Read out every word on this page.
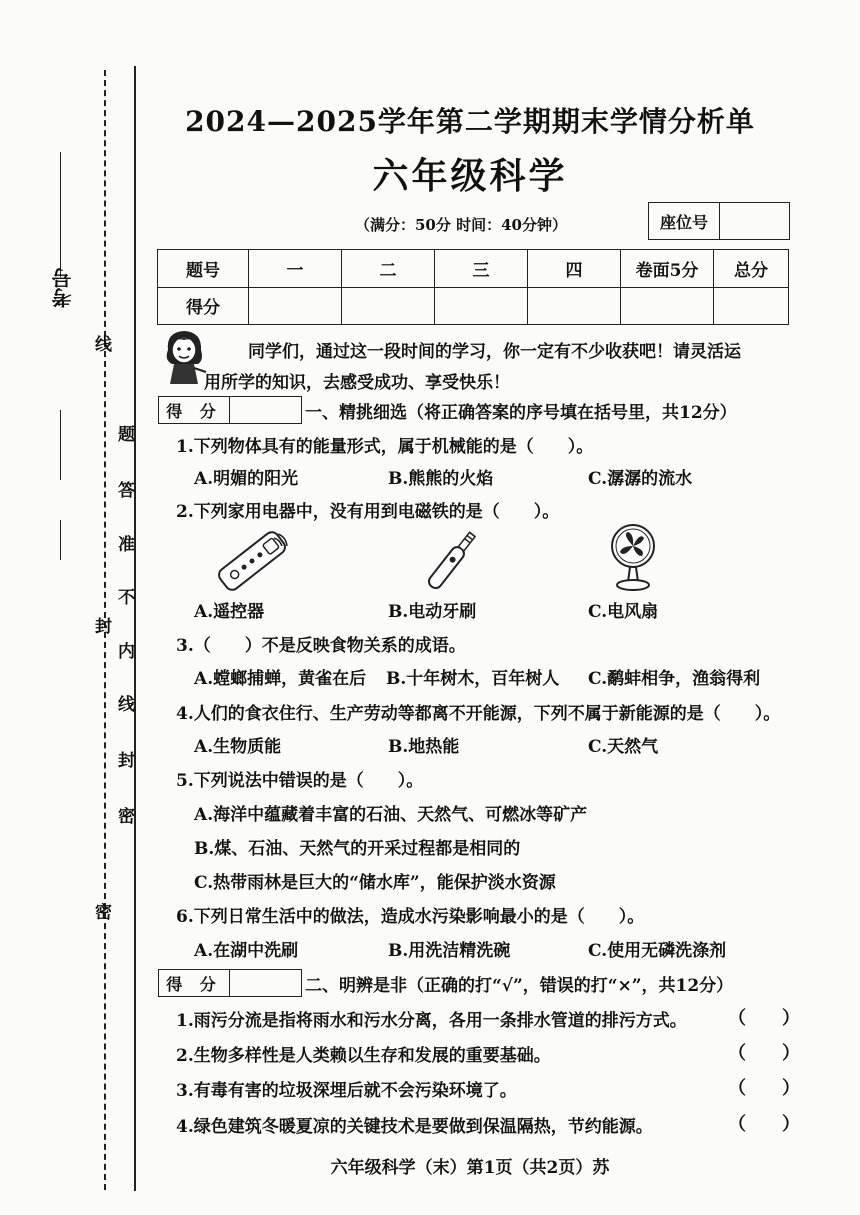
考号
线
封
密
题
答
准
不
内
线
封
密
2024—2025学年第二学期期末学情分析单
六年级科学
（满分：50分 时间：40分钟）	座位号
题号	一	二	三	四	卷面5分	总分
得分						
同学们，通过这一段时间的学习，你一定有不少收获吧！请灵活运
用所学的知识，去感受成功、享受快乐！
得 分	一、精挑细选（将正确答案的序号填在括号里，共12分）
1.下列物体具有的能量形式，属于机械能的是（　　）。
A.明媚的阳光	B.熊熊的火焰	C.潺潺的流水
2.下列家用电器中，没有用到电磁铁的是（　　）。
A.遥控器	B.电动牙刷	C.电风扇
3.（　　）不是反映食物关系的成语。
A.螳螂捕蝉，黄雀在后 B.十年树木，百年树人 C.鹬蚌相争，渔翁得利
4.人们的食衣住行、生产劳动等都离不开能源，下列不属于新能源的是（　　）。
A.生物质能	B.地热能	C.天然气
5.下列说法中错误的是（　　）。
A.海洋中蕴藏着丰富的石油、天然气、可燃冰等矿产
B.煤、石油、天然气的开采过程都是相同的
C.热带雨林是巨大的“储水库”，能保护淡水资源
6.下列日常生活中的做法，造成水污染影响最小的是（　　）。
A.在湖中洗刷	B.用洗洁精洗碗	C.使用无磷洗涤剂
得 分	二、明辨是非（正确的打“√”，错误的打“×”，共12分）
1.雨污分流是指将雨水和污水分离，各用一条排水管道的排污方式。 （　　）
2.生物多样性是人类赖以生存和发展的重要基础。	（　　）
3.有毒有害的垃圾深埋后就不会污染环境了。	（　　）
4.绿色建筑冬暖夏凉的关键技术是要做到保温隔热，节约能源。	（　　）
六年级科学（末）第1页（共2页）苏
